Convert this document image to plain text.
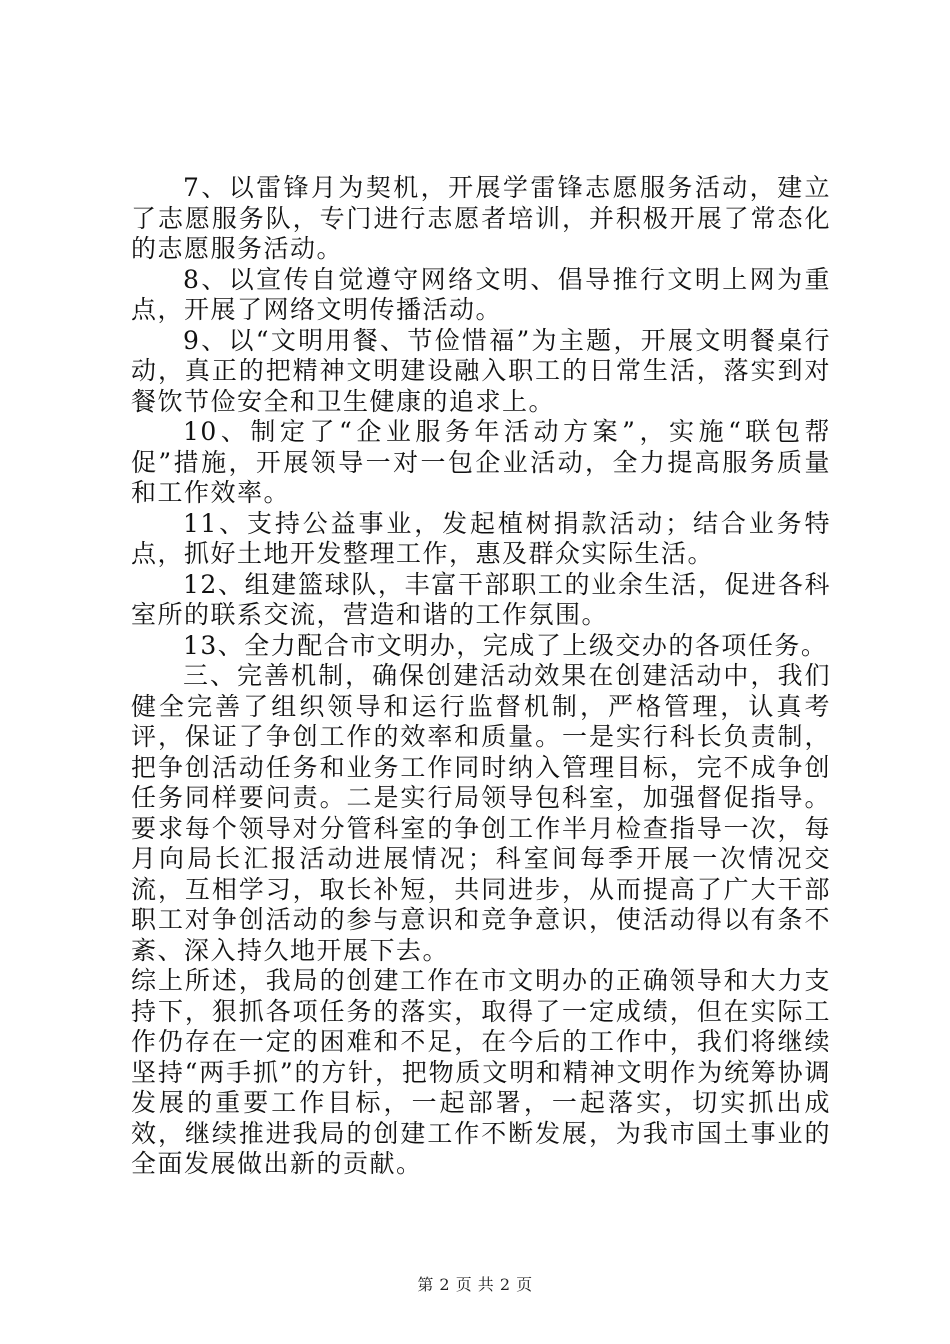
7、以雷锋月为契机，开展学雷锋志愿服务活动，建立了志愿服务队，专门进行志愿者培训，并积极开展了常态化的志愿服务活动。

8、以宣传自觉遵守网络文明、倡导推行文明上网为重点，开展了网络文明传播活动。

9、以“文明用餐、节俭惜福”为主题，开展文明餐桌行动，真正的把精神文明建设融入职工的日常生活，落实到对餐饮节俭安全和卫生健康的追求上。

10、制定了“企业服务年活动方案”，实施“联包帮促”措施，开展领导一对一包企业活动，全力提高服务质量和工作效率。

11、支持公益事业，发起植树捐款活动；结合业务特点，抓好土地开发整理工作，惠及群众实际生活。

12、组建篮球队，丰富干部职工的业余生活，促进各科室所的联系交流，营造和谐的工作氛围。

13、全力配合市文明办，完成了上级交办的各项任务。

三、完善机制，确保创建活动效果在创建活动中，我们健全完善了组织领导和运行监督机制，严格管理，认真考评，保证了争创工作的效率和质量。一是实行科长负责制，把争创活动任务和业务工作同时纳入管理目标，完不成争创任务同样要问责。二是实行局领导包科室，加强督促指导。要求每个领导对分管科室的争创工作半月检查指导一次，每月向局长汇报活动进展情况；科室间每季开展一次情况交流，互相学习，取长补短，共同进步，从而提高了广大干部职工对争创活动的参与意识和竞争意识，使活动得以有条不紊、深入持久地开展下去。

综上所述，我局的创建工作在市文明办的正确领导和大力支持下，狠抓各项任务的落实，取得了一定成绩，但在实际工作仍存在一定的困难和不足，在今后的工作中，我们将继续坚持“两手抓”的方针，把物质文明和精神文明作为统筹协调发展的重要工作目标，一起部署，一起落实，切实抓出成效，继续推进我局的创建工作不断发展，为我市国土事业的全面发展做出新的贡献。

第 2 页 共 2 页
